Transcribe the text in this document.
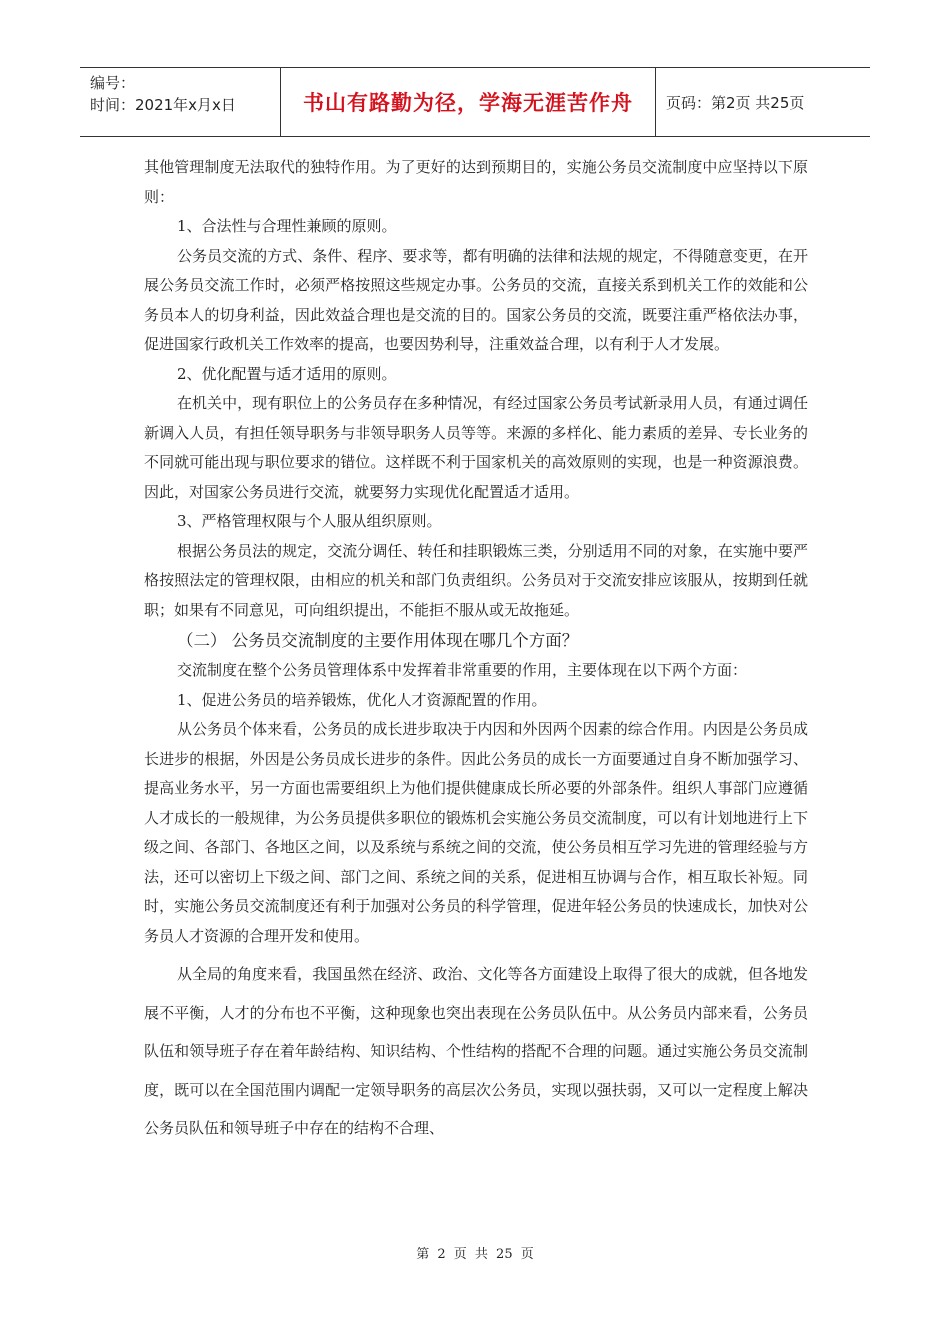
编号：
时间：2021年x月x日	书山有路勤为径，学海无涯苦作舟 页码：第2页 共25页

其他管理制度无法取代的独特作用。为了更好的达到预期目的，实施公务员交流制度中应坚持以下原则：

1、合法性与合理性兼顾的原则。

公务员交流的方式、条件、程序、要求等，都有明确的法律和法规的规定，不得随意变更，在开展公务员交流工作时，必须严格按照这些规定办事。公务员的交流，直接关系到机关工作的效能和公务员本人的切身利益，因此效益合理也是交流的目的。国家公务员的交流，既要注重严格依法办事，促进国家行政机关工作效率的提高，也要因势利导，注重效益合理，以有利于人才发展。

2、优化配置与适才适用的原则。

在机关中，现有职位上的公务员存在多种情况，有经过国家公务员考试新录用人员，有通过调任新调入人员，有担任领导职务与非领导职务人员等等。来源的多样化、能力素质的差异、专长业务的不同就可能出现与职位要求的错位。这样既不利于国家机关的高效原则的实现，也是一种资源浪费。因此，对国家公务员进行交流，就要努力实现优化配置适才适用。

3、严格管理权限与个人服从组织原则。

根据公务员法的规定，交流分调任、转任和挂职锻炼三类，分别适用不同的对象，在实施中要严格按照法定的管理权限，由相应的机关和部门负责组织。公务员对于交流安排应该服从，按期到任就职；如果有不同意见，可向组织提出，不能拒不服从或无故拖延。

（二） 公务员交流制度的主要作用体现在哪几个方面？

交流制度在整个公务员管理体系中发挥着非常重要的作用，主要体现在以下两个方面：

1、促进公务员的培养锻炼，优化人才资源配置的作用。

从公务员个体来看，公务员的成长进步取决于内因和外因两个因素的综合作用。内因是公务员成长进步的根据，外因是公务员成长进步的条件。因此公务员的成长一方面要通过自身不断加强学习、提高业务水平，另一方面也需要组织上为他们提供健康成长所必要的外部条件。组织人事部门应遵循人才成长的一般规律，为公务员提供多职位的锻炼机会实施公务员交流制度，可以有计划地进行上下级之间、各部门、各地区之间，以及系统与系统之间的交流，使公务员相互学习先进的管理经验与方法，还可以密切上下级之间、部门之间、系统之间的关系，促进相互协调与合作，相互取长补短。同时，实施公务员交流制度还有利于加强对公务员的科学管理，促进年轻公务员的快速成长，加快对公务员人才资源的合理开发和使用。

从全局的角度来看，我国虽然在经济、政治、文化等各方面建设上取得了很大的成就，但各地发展不平衡，人才的分布也不平衡，这种现象也突出表现在公务员队伍中。从公务员内部来看，公务员队伍和领导班子存在着年龄结构、知识结构、个性结构的搭配不合理的问题。通过实施公务员交流制度，既可以在全国范围内调配一定领导职务的高层次公务员，实现以强扶弱，又可以一定程度上解决公务员队伍和领导班子中存在的结构不合理、

第 2 页 共 25 页
